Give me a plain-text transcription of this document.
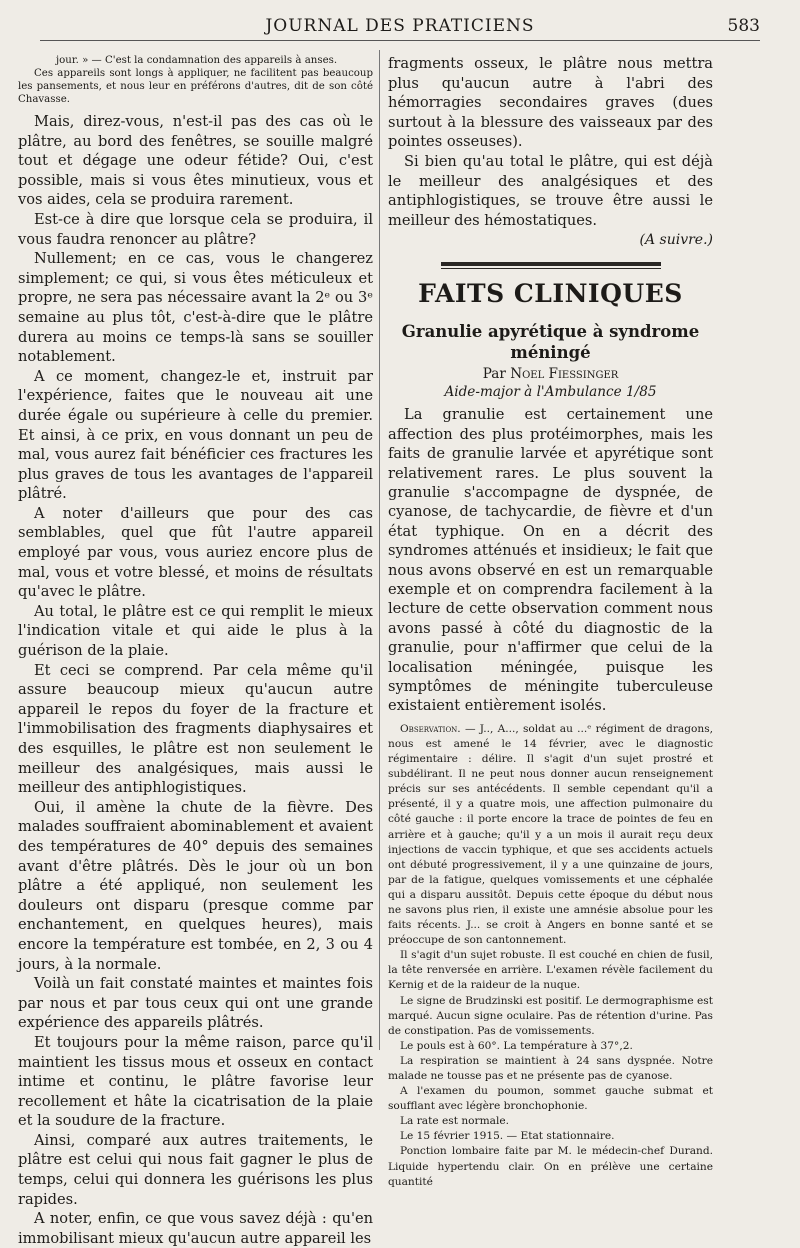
JOURNAL DES PRATICIENS	583

jour. » — C'est la condamnation des appareils à anses.

Ces appareils sont longs à appliquer, ne facilitent pas beaucoup les pansements, et nous leur en préférons d'autres, dit de son côté Chavasse.

Mais, direz-vous, n'est-il pas des cas où le plâtre, au bord des fenêtres, se souille malgré tout et dégage une odeur fétide? Oui, c'est possible, mais si vous êtes minutieux, vous et vos aides, cela se produira rarement.

Est-ce à dire que lorsque cela se produira, il vous faudra renoncer au plâtre?

Nullement; en ce cas, vous le changerez simplement; ce qui, si vous êtes méticuleux et propre, ne sera pas nécessaire avant la 2ᵉ ou 3ᵉ semaine au plus tôt, c'est-à-dire que le plâtre durera au moins ce temps-là sans se souiller notablement.

A ce moment, changez-le et, instruit par l'expérience, faites que le nouveau ait une durée égale ou supérieure à celle du premier. Et ainsi, à ce prix, en vous donnant un peu de mal, vous aurez fait bénéficier ces fractures les plus graves de tous les avantages de l'appareil plâtré.

A noter d'ailleurs que pour des cas semblables, quel que fût l'autre appareil employé par vous, vous auriez encore plus de mal, vous et votre blessé, et moins de résultats qu'avec le plâtre.

Au total, le plâtre est ce qui remplit le mieux l'indication vitale et qui aide le plus à la guérison de la plaie.

Et ceci se comprend. Par cela même qu'il assure beaucoup mieux qu'aucun autre appareil le repos du foyer de la fracture et l'immobilisation des fragments diaphysaires et des esquilles, le plâtre est non seulement le meilleur des analgésiques, mais aussi le meilleur des antiphlogistiques.

Oui, il amène la chute de la fièvre. Des malades souffraient abominablement et avaient des températures de 40° depuis des semaines avant d'être plâtrés. Dès le jour où un bon plâtre a été appliqué, non seulement les douleurs ont disparu (presque comme par enchantement, en quelques heures), mais encore la température est tombée, en 2, 3 ou 4 jours, à la normale.

Voilà un fait constaté maintes et maintes fois par nous et par tous ceux qui ont une grande expérience des appareils plâtrés.

Et toujours pour la même raison, parce qu'il maintient les tissus mous et osseux en contact intime et continu, le plâtre favorise leur recollement et hâte la cicatrisation de la plaie et la soudure de la fracture.

Ainsi, comparé aux autres traitements, le plâtre est celui qui nous fait gagner le plus de temps, celui qui donnera les guérisons les plus rapides.

A noter, enfin, ce que vous savez déjà : qu'en immobilisant mieux qu'aucun autre appareil les

fragments osseux, le plâtre nous mettra plus qu'aucun autre à l'abri des hémorragies secondaires graves (dues surtout à la blessure des vaisseaux par des pointes osseuses).

Si bien qu'au total le plâtre, qui est déjà le meilleur des analgésiques et des antiphlogistiques, se trouve être aussi le meilleur des hémostatiques.

(A suivre.)
FAITS CLINIQUES
Granulie apyrétique à syndrome méningé
Par Noel Fiessinger
Aide-major à l'Ambulance 1/85

La granulie est certainement une affection des plus protéimorphes, mais les faits de granulie larvée et apyrétique sont relativement rares. Le plus souvent la granulie s'accompagne de dyspnée, de cyanose, de tachycardie, de fièvre et d'un état typhique. On en a décrit des syndromes atténués et insidieux; le fait que nous avons observé en est un remarquable exemple et on comprendra facilement à la lecture de cette observation comment nous avons passé à côté du diagnostic de la granulie, pour n'affirmer que celui de la localisation méningée, puisque les symptômes de méningite tuberculeuse existaient entièrement isolés.

Observation. — J.., A..., soldat au ...ᵉ régiment de dragons, nous est amené le 14 février, avec le diagnostic régimentaire : délire. Il s'agit d'un sujet prostré et subdélirant. Il ne peut nous donner aucun renseignement précis sur ses antécédents. Il semble cependant qu'il a présenté, il y a quatre mois, une affection pulmonaire du côté gauche : il porte encore la trace de pointes de feu en arrière et à gauche; qu'il y a un mois il aurait reçu deux injections de vaccin typhique, et que ses accidents actuels ont débuté progressivement, il y a une quinzaine de jours, par de la fatigue, quelques vomissements et une céphalée qui a disparu aussitôt. Depuis cette époque du début nous ne savons plus rien, il existe une amnésie absolue pour les faits récents. J... se croit à Angers en bonne santé et se préoccupe de son cantonnement.

Il s'agit d'un sujet robuste. Il est couché en chien de fusil, la tête renversée en arrière. L'examen révèle facilement du Kernig et de la raideur de la nuque.

Le signe de Brudzinski est positif. Le dermographisme est marqué. Aucun signe oculaire. Pas de rétention d'urine. Pas de constipation. Pas de vomissements.

Le pouls est à 60°. La température à 37°,2.

La respiration se maintient à 24 sans dyspnée. Notre malade ne tousse pas et ne présente pas de cyanose.

A l'examen du poumon, sommet gauche submat et soufflant avec légère bronchophonie.

La rate est normale.

Le 15 février 1915. — Etat stationnaire.

Ponction lombaire faite par M. le médecin-chef Durand. Liquide hypertendu clair. On en prélève une certaine quantité
